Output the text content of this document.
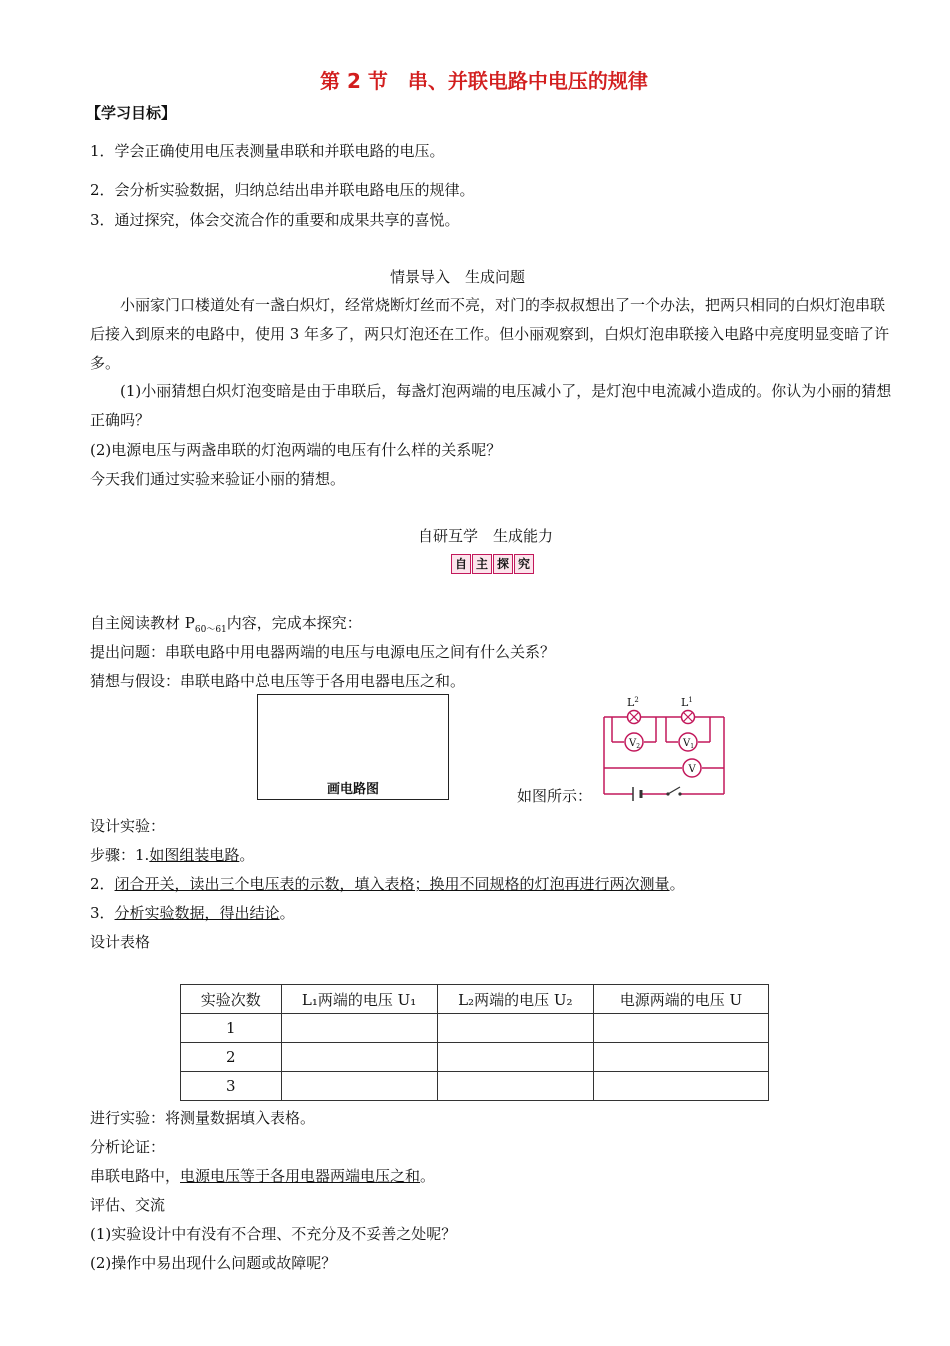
第 2 节　串、并联电路中电压的规律
【学习目标】
1．学会正确使用电压表测量串联和并联电路的电压。
2．会分析实验数据，归纳总结出串并联电路电压的规律。
3．通过探究，体会交流合作的重要和成果共享的喜悦。
情景导入　生成问题
小丽家门口楼道处有一盏白炽灯，经常烧断灯丝而不亮，对门的李叔叔想出了一个办法，把两只相同的白炽灯泡串联后接入到原来的电路中，使用 3 年多了，两只灯泡还在工作。但小丽观察到，白炽灯泡串联接入电路中亮度明显变暗了许多。
(1)小丽猜想白炽灯泡变暗是由于串联后，每盏灯泡两端的电压减小了，是灯泡中电流减小造成的。你认为小丽的猜想正确吗？
(2)电源电压与两盏串联的灯泡两端的电压有什么样的关系呢？
今天我们通过实验来验证小丽的猜想。
自研互学　生成能力
自 主 探 究
自主阅读教材 $P_{60\sim 61}$内容，完成本探究：
提出问题：串联电路中用电器两端的电压与电源电压之间有什么关系？
猜想与假设：串联电路中总电压等于各用电器电压之和。
画电路图	如图所示：
$L^2$	$L^1$
$V_2$	$V_1$
V
设计实验：
步骤：1.如图组装电路。
2．闭合开关，读出三个电压表的示数，填入表格；换用不同规格的灯泡再进行两次测量。
3．分析实验数据，得出结论。
设计表格
实验次数	L₁两端的电压 U₁	L₂两端的电压 U₂	电源两端的电压 U
1			
2			
3			
进行实验：将测量数据填入表格。
分析论证：
串联电路中，电源电压等于各用电器两端电压之和。
评估、交流
(1)实验设计中有没有不合理、不充分及不妥善之处呢？
(2)操作中易出现什么问题或故障呢？
